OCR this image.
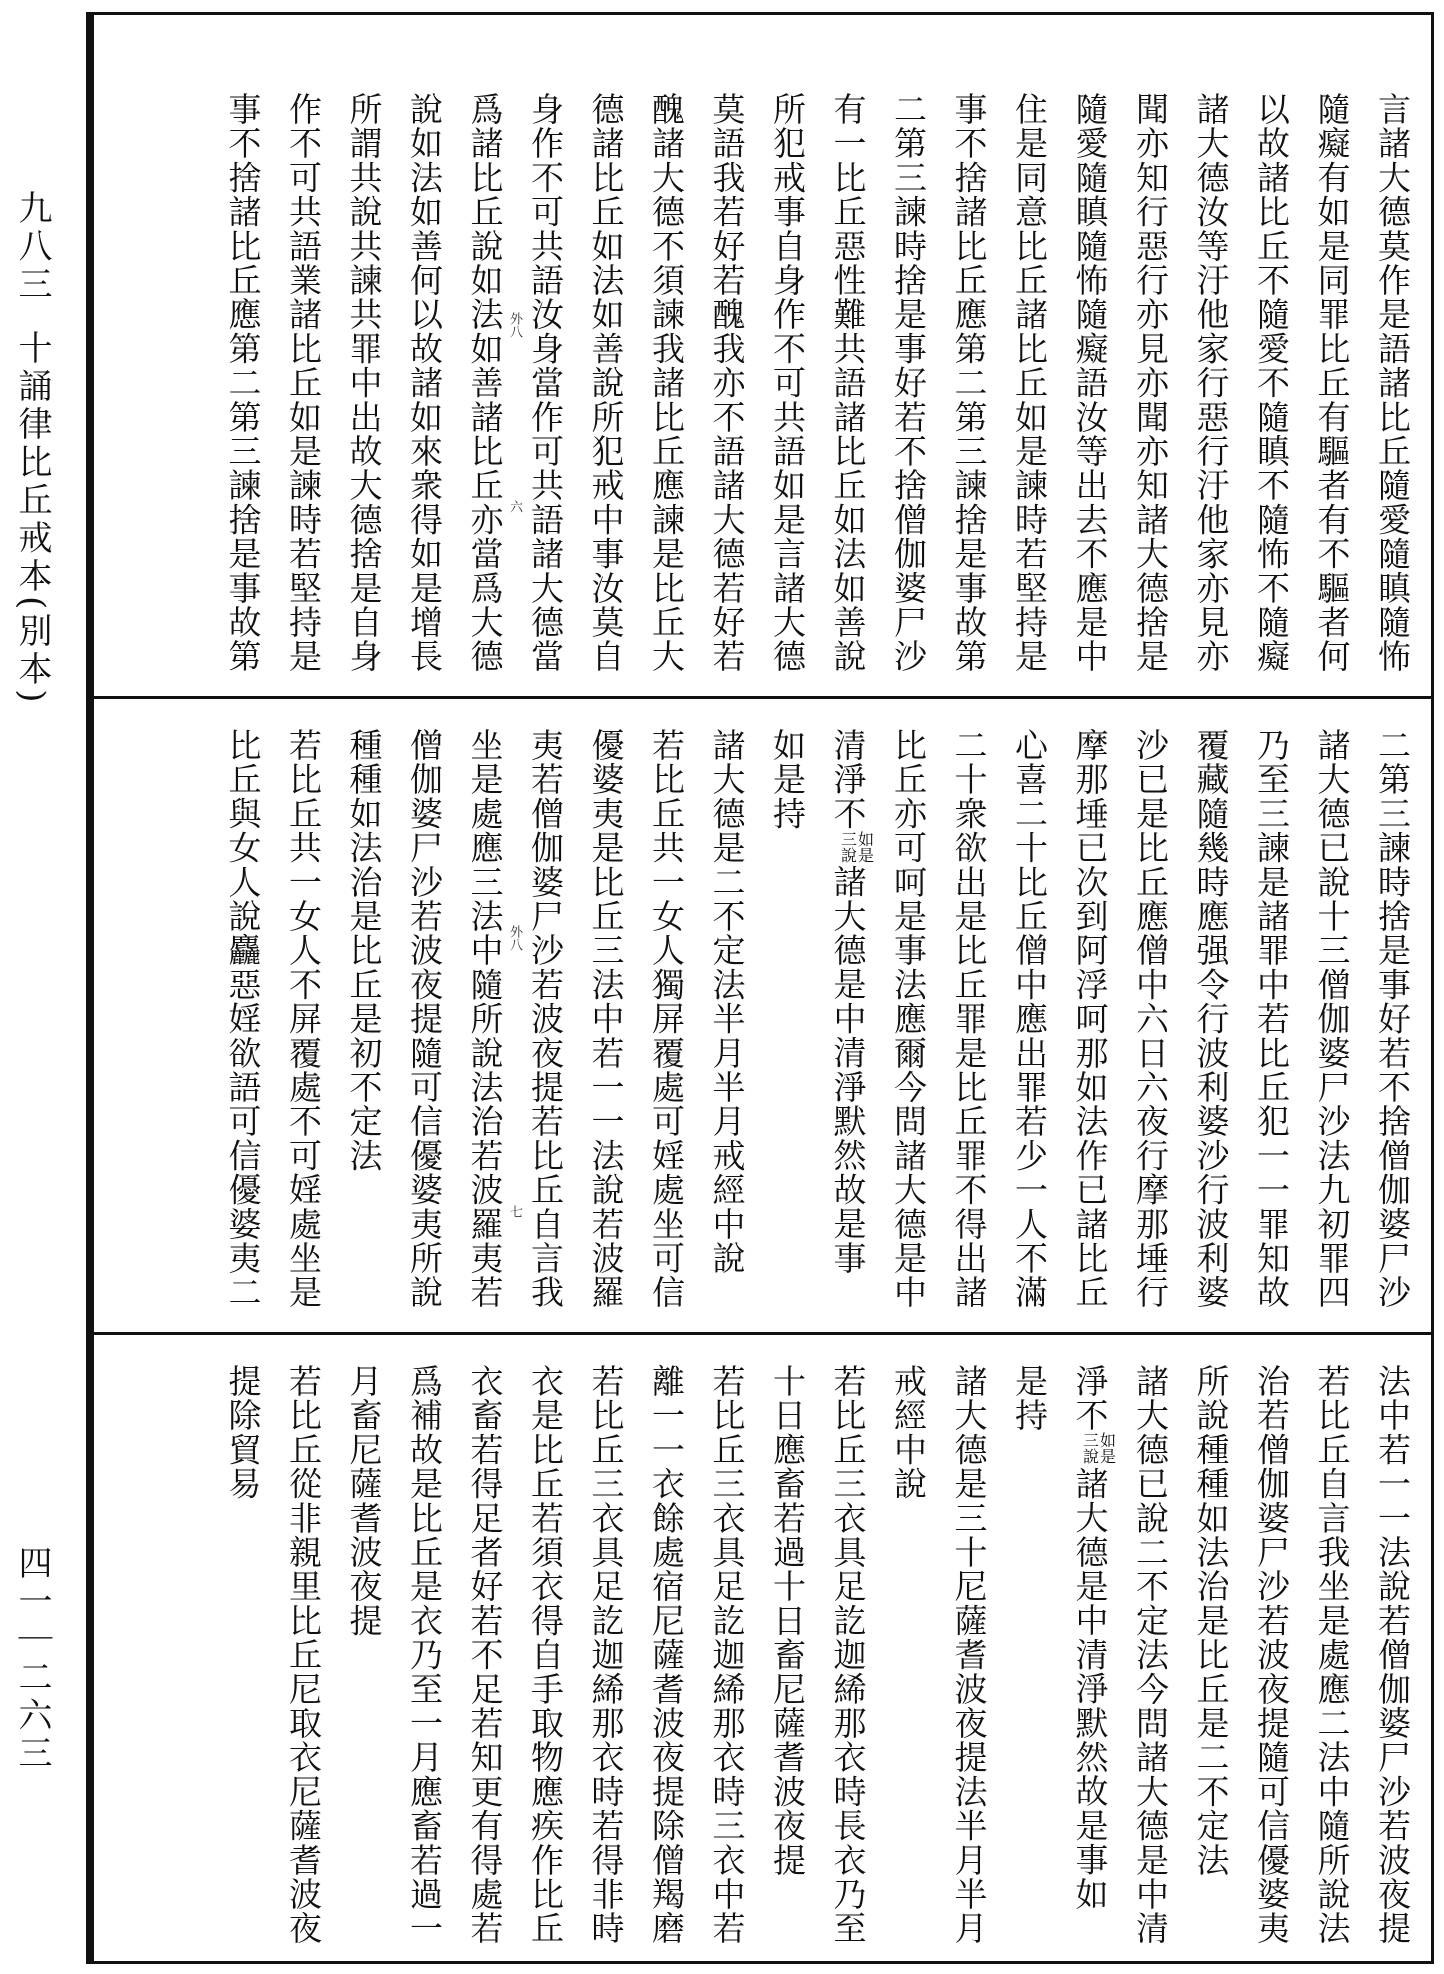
九八三
十誦律比丘戒本(別本)
四一｜二六三
言諸大德莫作是語諸比丘隨愛隨瞋隨怖
隨癡有如是同罪比丘有驅者有不驅者何
以故諸比丘不隨愛不隨瞋不隨怖不隨癡
諸大德汝等汙他家行惡行汙他家亦見亦
聞亦知行惡行亦見亦聞亦知諸大德捨是
隨愛隨瞋隨怖隨癡語汝等出去不應是中
住是同意比丘諸比丘如是諫時若堅持是
事不捨諸比丘應第二第三諫捨是事故第
二第三諫時捨是事好若不捨僧伽婆尸沙
有一比丘惡性難共語諸比丘如法如善說
所犯戒事自身作不可共語如是言諸大德
莫語我若好若醜我亦不語諸大德若好若
醜諸大德不須諫我諸比丘應諫是比丘大
德諸比丘如法如善說所犯戒中事汝莫自
身作不可共語汝身當作可共語諸大德當
爲諸比丘說如法如善諸比丘亦當爲大德
說如法如善何以故諸如來衆得如是增長
所謂共說共諫共罪中出故大德捨是自身
作不可共語業諸比丘如是諫時若堅持是
事不捨諸比丘應第二第三諫捨是事故第
二第三諫時捨是事好若不捨僧伽婆尸沙
諸大德已說十三僧伽婆尸沙法九初罪四
乃至三諫是諸罪中若比丘犯一一罪知故
覆藏隨幾時應强令行波利婆沙行波利婆
沙已是比丘應僧中六日六夜行摩那埵行
摩那埵已次到阿浮呵那如法作已諸比丘
心喜二十比丘僧中應出罪若少一人不滿
二十衆欲出是比丘罪是比丘罪不得出諸
比丘亦可呵是事法應爾今問諸大德是中
清淨不如是三說諸大德是中清淨默然故是事
如是持
諸大德是二不定法半月半月戒經中說
若比丘共一女人獨屏覆處可婬處坐可信
優婆夷是比丘三法中若一一法說若波羅
夷若僧伽婆尸沙若波夜提若比丘自言我
坐是處應三法中隨所說法治若波羅夷若
僧伽婆尸沙若波夜提隨可信優婆夷所說
種種如法治是比丘是初不定法
若比丘共一女人不屏覆處不可婬處坐是
比丘與女人說麤惡婬欲語可信優婆夷二
法中若一一法說若僧伽婆尸沙若波夜提
若比丘自言我坐是處應二法中隨所說法
治若僧伽婆尸沙若波夜提隨可信優婆夷
所說種種如法治是比丘是二不定法
諸大德已說二不定法今問諸大德是中清
淨不如是三說諸大德是中清淨默然故是事如
是持
諸大德是三十尼薩耆波夜提法半月半月
戒經中說
若比丘三衣具足訖迦絺那衣時長衣乃至
十日應畜若過十日畜尼薩耆波夜提
若比丘三衣具足訖迦絺那衣時三衣中若
離一一衣餘處宿尼薩耆波夜提除僧羯磨
若比丘三衣具足訖迦絺那衣時若得非時
衣是比丘若須衣得自手取物應疾作比丘
衣畜若得足者好若不足若知更有得處若
爲補故是比丘是衣乃至一月應畜若過一
月畜尼薩耆波夜提
若比丘從非親里比丘尼取衣尼薩耆波夜
提除貿易
外八
六
外八
七
